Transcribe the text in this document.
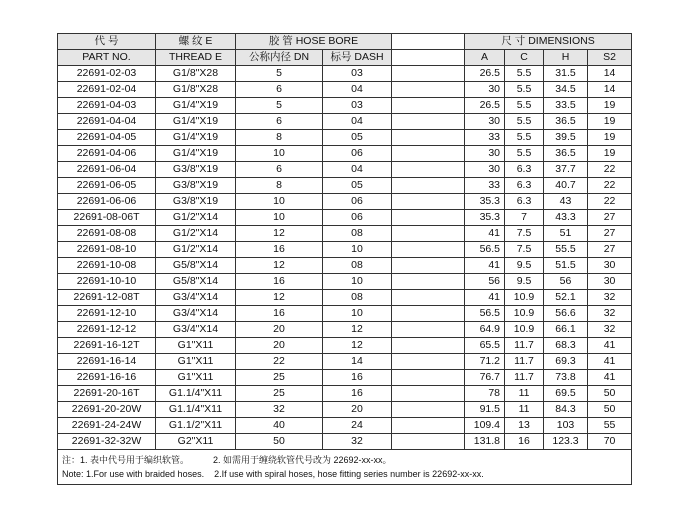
代 号	螺 纹 E	胶 管 HOSE BORE			尺 寸 DIMENSIONS			
PART NO.	THREAD E	公称内径 DN	标号 DASH		A	C	H	S2
22691-02-03	G1/8"X28	5	03		26.5	5.5	31.5	14
22691-02-04	G1/8"X28	6	04		30	5.5	34.5	14
22691-04-03	G1/4"X19	5	03		26.5	5.5	33.5	19
22691-04-04	G1/4"X19	6	04		30	5.5	36.5	19
22691-04-05	G1/4"X19	8	05		33	5.5	39.5	19
22691-04-06	G1/4"X19	10	06		30	5.5	36.5	19
22691-06-04	G3/8"X19	6	04		30	6.3	37.7	22
22691-06-05	G3/8"X19	8	05		33	6.3	40.7	22
22691-06-06	G3/8"X19	10	06		35.3	6.3	43	22
22691-08-06T	G1/2"X14	10	06		35.3	7	43.3	27
22691-08-08	G1/2"X14	12	08		41	7.5	51	27
22691-08-10	G1/2"X14	16	10		56.5	7.5	55.5	27
22691-10-08	G5/8"X14	12	08		41	9.5	51.5	30
22691-10-10	G5/8"X14	16	10		56	9.5	56	30
22691-12-08T	G3/4"X14	12	08		41	10.9	52.1	32
22691-12-10	G3/4"X14	16	10		56.5	10.9	56.6	32
22691-12-12	G3/4"X14	20	12		64.9	10.9	66.1	32
22691-16-12T	G1"X11	20	12		65.5	11.7	68.3	41
22691-16-14	G1"X11	22	14		71.2	11.7	69.3	41
22691-16-16	G1"X11	25	16		76.7	11.7	73.8	41
22691-20-16T	G1.1/4"X11	25	16		78	11	69.5	50
22691-20-20W	G1.1/4"X11	32	20		91.5	11	84.3	50
22691-24-24W	G1.1/2"X11	40	24		109.4	13	103	55
22691-32-32W	G2"X11	50	32		131.8	16	123.3	70

注：1. 表中代号用于编织软管。 2. 如需用于缠绕软管代号改为 22692-xx-xx。
Note: 1.For use with braided hoses. 2.If use with spiral hoses, hose fitting series number is 22692-xx-xx.								
